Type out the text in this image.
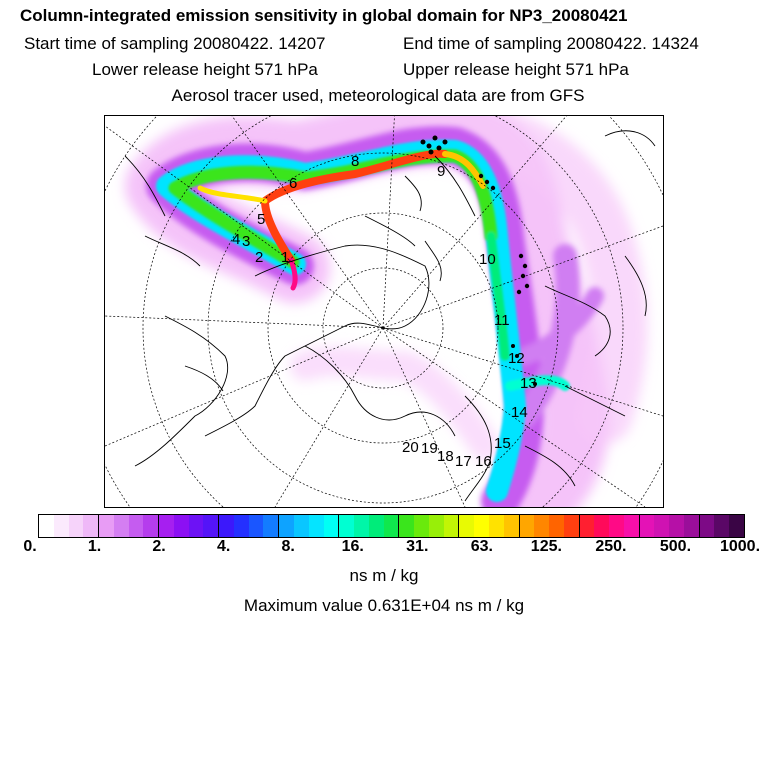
Column-integrated emission sensitivity in global domain for NP3_20080421
Start time of sampling 20080422. 14207	End time of sampling 20080422. 14324
Lower release height 571 hPa	Upper release height 571 hPa
Aerosol tracer used, meteorological data are from GFS
1
2
3
4
5
6
8
9
10
11
12
13
14
15
16
17
18
19
20
0.	1.	2.	4.	8.	16.	31.	63. 125. 250. 500. 1000.
ns m / kg
Maximum value 0.631E+04 ns m / kg
